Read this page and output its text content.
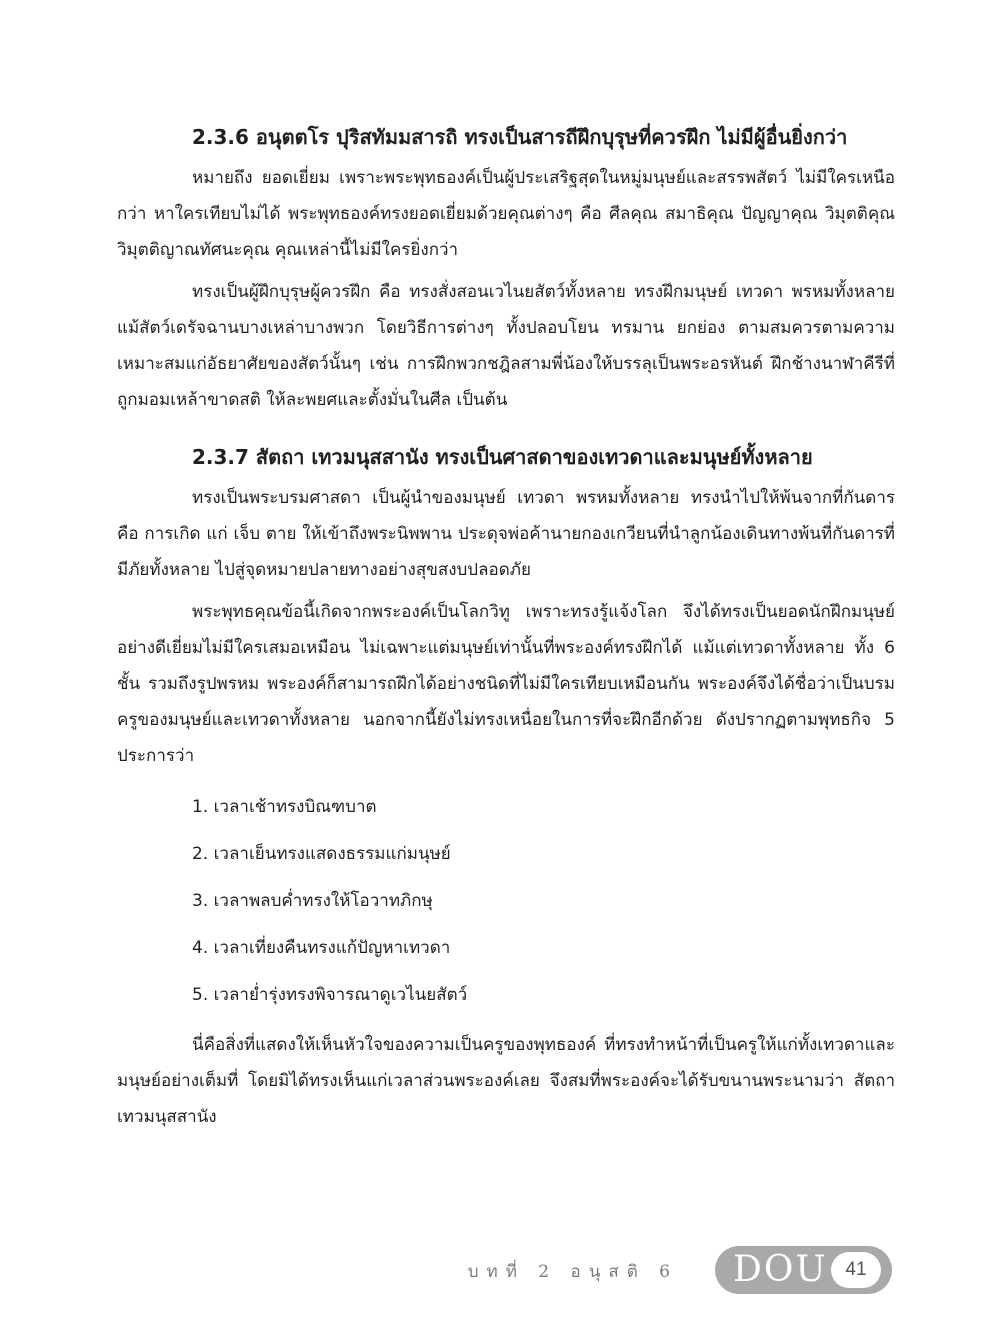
2.3.6 อนุตตโร ปุริสทัมมสารถิ ทรงเป็นสารถีฝึกบุรุษที่ควรฝึก ไม่มีผู้อื่นยิ่งกว่า

หมายถึง ยอดเยี่ยม เพราะพระพุทธองค์เป็นผู้ประเสริฐสุดในหมู่มนุษย์และสรรพสัตว์ ไม่มีใครเหนือกว่า หาใครเทียบไม่ได้ พระพุทธองค์ทรงยอดเยี่ยมด้วยคุณต่างๆ คือ ศีลคุณ สมาธิคุณ ปัญญาคุณ วิมุตติคุณ วิมุตติญาณทัศนะคุณ คุณเหล่านี้ไม่มีใครยิ่งกว่า

ทรงเป็นผู้ฝึกบุรุษผู้ควรฝึก คือ ทรงสั่งสอนเวไนยสัตว์ทั้งหลาย ทรงฝึกมนุษย์ เทวดา พรหมทั้งหลาย แม้สัตว์เดรัจฉานบางเหล่าบางพวก โดยวิธีการต่างๆ ทั้งปลอบโยน ทรมาน ยกย่อง ตามสมควรตามความเหมาะสมแก่อัธยาศัยของสัตว์นั้นๆ เช่น การฝึกพวกชฎิลสามพี่น้องให้บรรลุเป็นพระอรหันต์ ฝึกช้างนาฬาคีรีที่ถูกมอมเหล้าขาดสติ ให้ละพยศและตั้งมั่นในศีล เป็นต้น

2.3.7 สัตถา เทวมนุสสานัง ทรงเป็นศาสดาของเทวดาและมนุษย์ทั้งหลาย

ทรงเป็นพระบรมศาสดา เป็นผู้นำของมนุษย์ เทวดา พรหมทั้งหลาย ทรงนำไปให้พ้นจากที่กันดาร คือ การเกิด แก่ เจ็บ ตาย ให้เข้าถึงพระนิพพาน ประดุจพ่อค้านายกองเกวียนที่นำลูกน้องเดินทางพ้นที่กันดารที่มีภัยทั้งหลาย ไปสู่จุดหมายปลายทางอย่างสุขสงบปลอดภัย

พระพุทธคุณข้อนี้เกิดจากพระองค์เป็นโลกวิทู เพราะทรงรู้แจ้งโลก จึงได้ทรงเป็นยอดนักฝึกมนุษย์อย่างดีเยี่ยมไม่มีใครเสมอเหมือน ไม่เฉพาะแต่มนุษย์เท่านั้นที่พระองค์ทรงฝึกได้ แม้แต่เทวดาทั้งหลาย ทั้ง 6 ชั้น รวมถึงรูปพรหม พระองค์ก็สามารถฝึกได้อย่างชนิดที่ไม่มีใครเทียบเหมือนกัน พระองค์จึงได้ชื่อว่าเป็นบรมครูของมนุษย์และเทวดาทั้งหลาย นอกจากนี้ยังไม่ทรงเหนื่อยในการที่จะฝึกอีกด้วย ดังปรากฏตามพุทธกิจ 5 ประการว่า

1. เวลาเช้าทรงบิณฑบาต
2. เวลาเย็นทรงแสดงธรรมแก่มนุษย์
3. เวลาพลบค่ำทรงให้โอวาทภิกษุ
4. เวลาเที่ยงคืนทรงแก้ปัญหาเทวดา
5. เวลาย่ำรุ่งทรงพิจารณาดูเวไนยสัตว์

นี่คือสิ่งที่แสดงให้เห็นหัวใจของความเป็นครูของพุทธองค์ ที่ทรงทำหน้าที่เป็นครูให้แก่ทั้งเทวดาและมนุษย์อย่างเต็มที่ โดยมิได้ทรงเห็นแก่เวลาส่วนพระองค์เลย จึงสมที่พระองค์จะได้รับขนานพระนามว่า สัตถาเทวมนุสสานัง

บทที่ 2 อนุสติ 6 DOU 41
